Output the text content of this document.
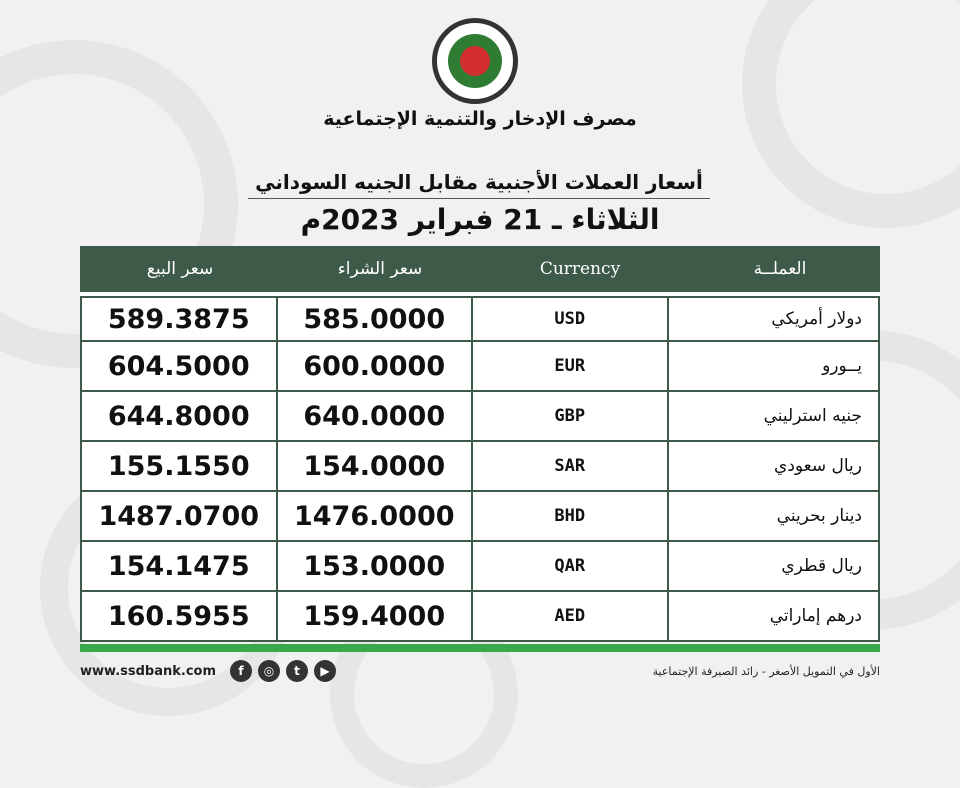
مصرف الإدخار والتنمية الإجتماعية
أسعار العملات الأجنبية مقابل الجنيه السوداني
الثلاثاء ـ 21 فبراير 2023م
سعر البيع	سعر الشراء	Currency	العملــة
589.3875	585.0000	USD	دولار أمريكي
604.5000	600.0000	EUR	يــورو
644.8000	640.0000	GBP	جنيه استرليني
155.1550	154.0000	SAR	ريال سعودي
1487.0700	1476.0000	BHD	دينار بحريني
154.1475	153.0000	QAR	ريال قطري
160.5955	159.4000	AED	درهم إماراتي
www.ssdbank.com	f	◎	t	▶	الأول في التمويل الأصغر - رائد الصيرفة الإجتماعية
